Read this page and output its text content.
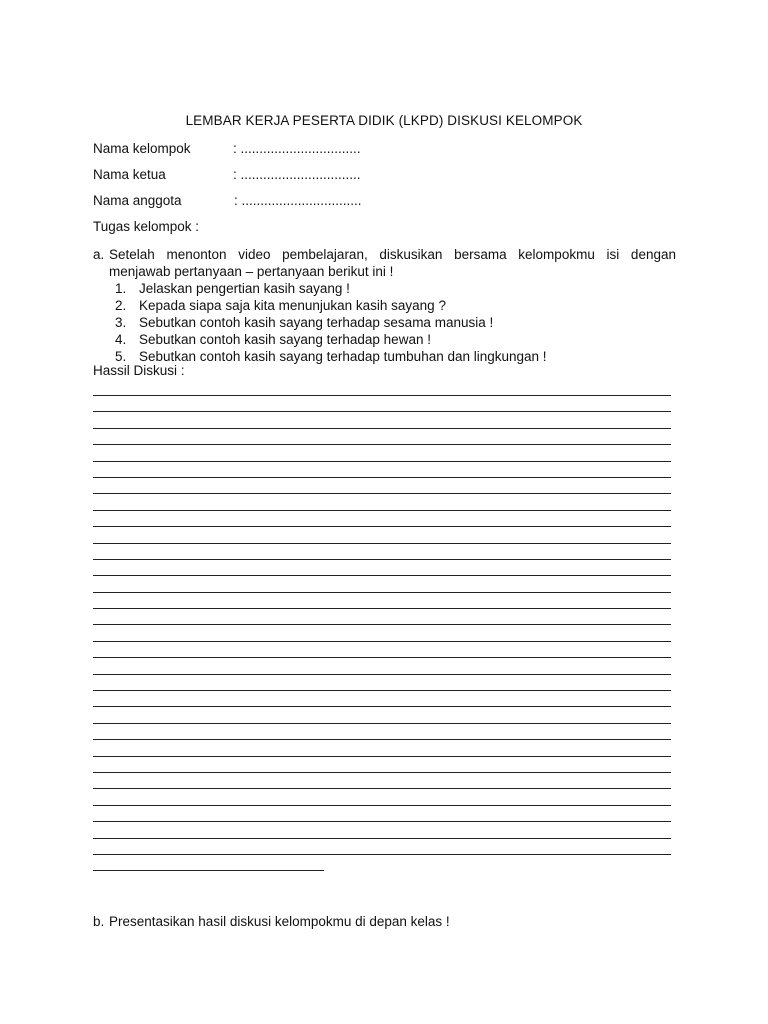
LEMBAR KERJA PESERTA DIDIK (LKPD) DISKUSI KELOMPOK
Nama kelompok	: ................................
Nama ketua	: ................................
Nama anggota	: ................................
Tugas kelompok :
a. Setelah menonton video pembelajaran, diskusikan bersama kelompokmu isi dengan menjawab pertanyaan – pertanyaan berikut ini !
1. Jelaskan pengertian kasih sayang !
2. Kepada siapa saja kita menunjukan kasih sayang ?
3. Sebutkan contoh kasih sayang terhadap sesama manusia !
4. Sebutkan contoh kasih sayang terhadap hewan !
5. Sebutkan contoh kasih sayang terhadap tumbuhan dan lingkungan !
Hassil Diskusi :
b. Presentasikan hasil diskusi kelompokmu di depan kelas !
